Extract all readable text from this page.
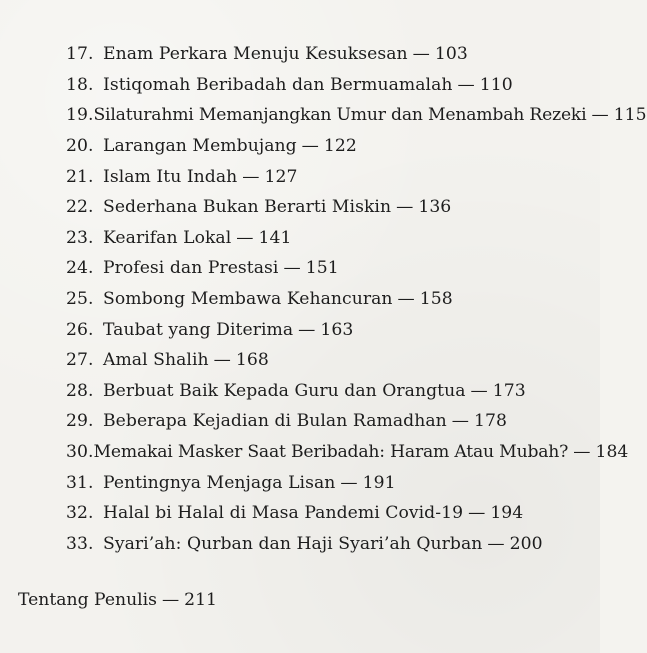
17. Enam Perkara Menuju Kesuksesan — 103
18. Istiqomah Beribadah dan Bermuamalah — 110
19. Silaturahmi Memanjangkan Umur dan Menambah Rezeki — 115
20. Larangan Membujang — 122
21. Islam Itu Indah — 127
22. Sederhana Bukan Berarti Miskin — 136
23. Kearifan Lokal — 141
24. Profesi dan Prestasi — 151
25. Sombong Membawa Kehancuran — 158
26. Taubat yang Diterima — 163
27. Amal Shalih — 168
28. Berbuat Baik Kepada Guru dan Orangtua — 173
29. Beberapa Kejadian di Bulan Ramadhan — 178
30. Memakai Masker Saat Beribadah: Haram Atau Mubah? — 184
31. Pentingnya Menjaga Lisan — 191
32. Halal bi Halal di Masa Pandemi Covid-19 — 194
33. Syari’ah: Qurban dan Haji Syari’ah Qurban — 200
Tentang Penulis — 211
